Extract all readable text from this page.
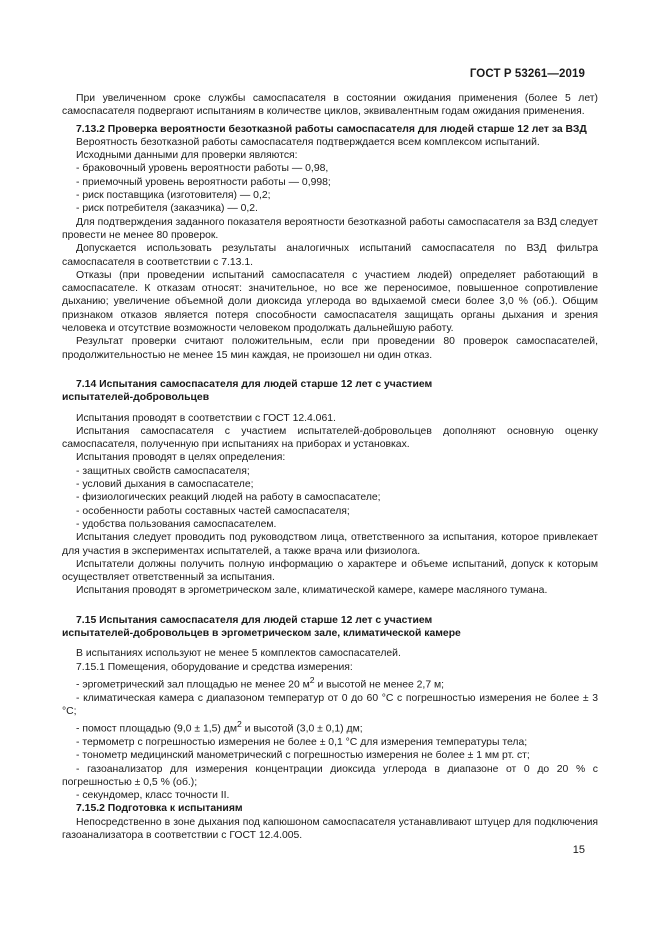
ГОСТ Р 53261—2019

При увеличенном сроке службы самоспасателя в состоянии ожидания применения (более 5 лет) самоспасателя подвергают испытаниям в количестве циклов, эквивалентным годам ожидания применения.

7.13.2 Проверка вероятности безотказной работы самоспасателя для людей старше 12 лет за ВЗД

Вероятность безотказной работы самоспасателя подтверждается всем комплексом испытаний.

Исходными данными для проверки являются:

- браковочный уровень вероятности работы — 0,98,

- приемочный уровень вероятности работы — 0,998;

- риск поставщика (изготовителя) — 0,2;

- риск потребителя (заказчика) — 0,2.

Для подтверждения заданного показателя вероятности безотказной работы самоспасателя за ВЗД следует провести не менее 80 проверок.

Допускается использовать результаты аналогичных испытаний самоспасателя по ВЗД фильтра самоспасателя в соответствии с 7.13.1.

Отказы (при проведении испытаний самоспасателя с участием людей) определяет работающий в самоспасателе. К отказам относят: значительное, но все же переносимое, повышенное сопротивление дыханию; увеличение объемной доли диоксида углерода во вдыхаемой смеси более 3,0 % (об.). Общим признаком отказов является потеря способности самоспасателя защищать органы дыхания и зрения человека и отсутствие возможности человеком продолжать дальнейшую работу.

Результат проверки считают положительным, если при проведении 80 проверок самоспасателей, продолжительностью не менее 15 мин каждая, не произошел ни один отказ.

7.14 Испытания самоспасателя для людей старше 12 лет с участием
испытателей-добровольцев

Испытания проводят в соответствии с ГОСТ 12.4.061.

Испытания самоспасателя с участием испытателей-добровольцев дополняют основную оценку самоспасателя, полученную при испытаниях на приборах и установках.

Испытания проводят в целях определения:

- защитных свойств самоспасателя;

- условий дыхания в самоспасателе;

- физиологических реакций людей на работу в самоспасателе;

- особенности работы составных частей самоспасателя;

- удобства пользования самоспасателем.

Испытания следует проводить под руководством лица, ответственного за испытания, которое привлекает для участия в экспериментах испытателей, а также врача или физиолога.

Испытатели должны получить полную информацию о характере и объеме испытаний, допуск к которым осуществляет ответственный за испытания.

Испытания проводят в эргометрическом зале, климатической камере, камере масляного тумана.

7.15 Испытания самоспасателя для людей старше 12 лет с участием
испытателей-добровольцев в эргометрическом зале, климатической камере

В испытаниях используют не менее 5 комплектов самоспасателей.

7.15.1 Помещения, оборудование и средства измерения:

- эргометрический зал площадью не менее 20 $м^2$ и высотой не менее 2,7 м;

- климатическая камера с диапазоном температур от 0 до 60 °С с погрешностью измерения не более ± 3 °С;

- помост площадью (9,0 ± 1,5) $дм^2$ и высотой (3,0 ± 0,1) дм;

- термометр с погрешностью измерения не более ± 0,1 °С для измерения температуры тела;

- тонометр медицинский манометрический с погрешностью измерения не более ± 1 мм рт. ст;

- газоанализатор для измерения концентрации диоксида углерода в диапазоне от 0 до 20 % с погрешностью ± 0,5 % (об.);

- секундомер, класс точности II.

7.15.2 Подготовка к испытаниям

Непосредственно в зоне дыхания под капюшоном самоспасателя устанавливают штуцер для подключения газоанализатора в соответствии с ГОСТ 12.4.005.

15
